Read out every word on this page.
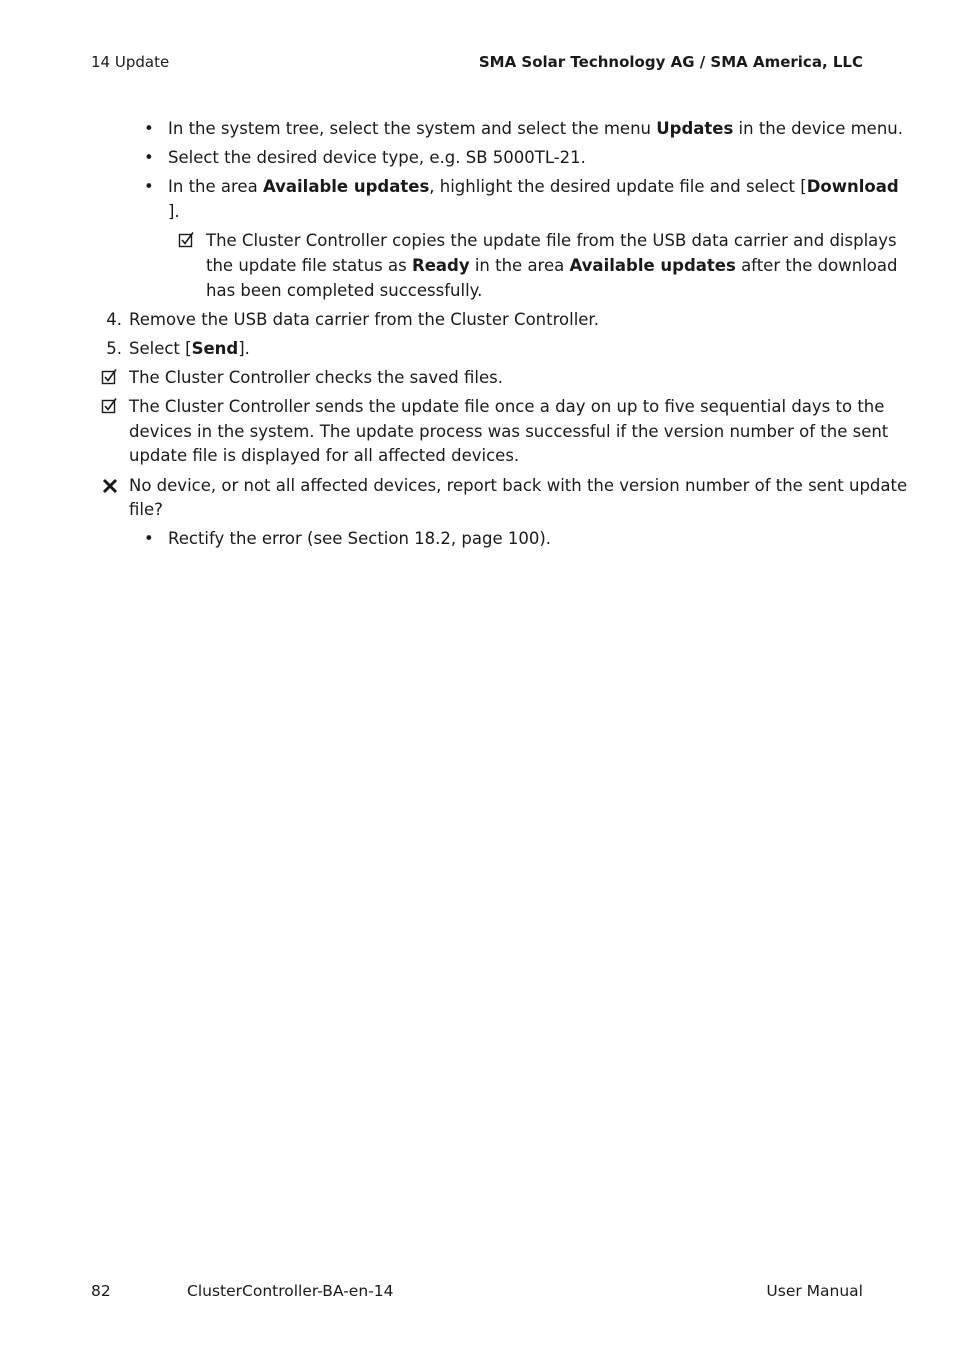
14 Update	SMA Solar Technology AG / SMA America, LLC
• In the system tree, select the system and select the menu Updates in the device menu.
• Select the desired device type, e.g. SB 5000TL-21.
• In the area Available updates, highlight the desired update file and select [Download
].
The Cluster Controller copies the update file from the USB data carrier and displays
the update file status as Ready in the area Available updates after the download
has been completed successfully.
4. Remove the USB data carrier from the Cluster Controller.
5. Select [Send].
The Cluster Controller checks the saved files.
The Cluster Controller sends the update file once a day on up to five sequential days to the
devices in the system. The update process was successful if the version number of the sent
update file is displayed for all affected devices.
No device, or not all affected devices, report back with the version number of the sent update
file?
• Rectify the error (see Section 18.2, page 100).
82	ClusterController-BA-en-14	User Manual
